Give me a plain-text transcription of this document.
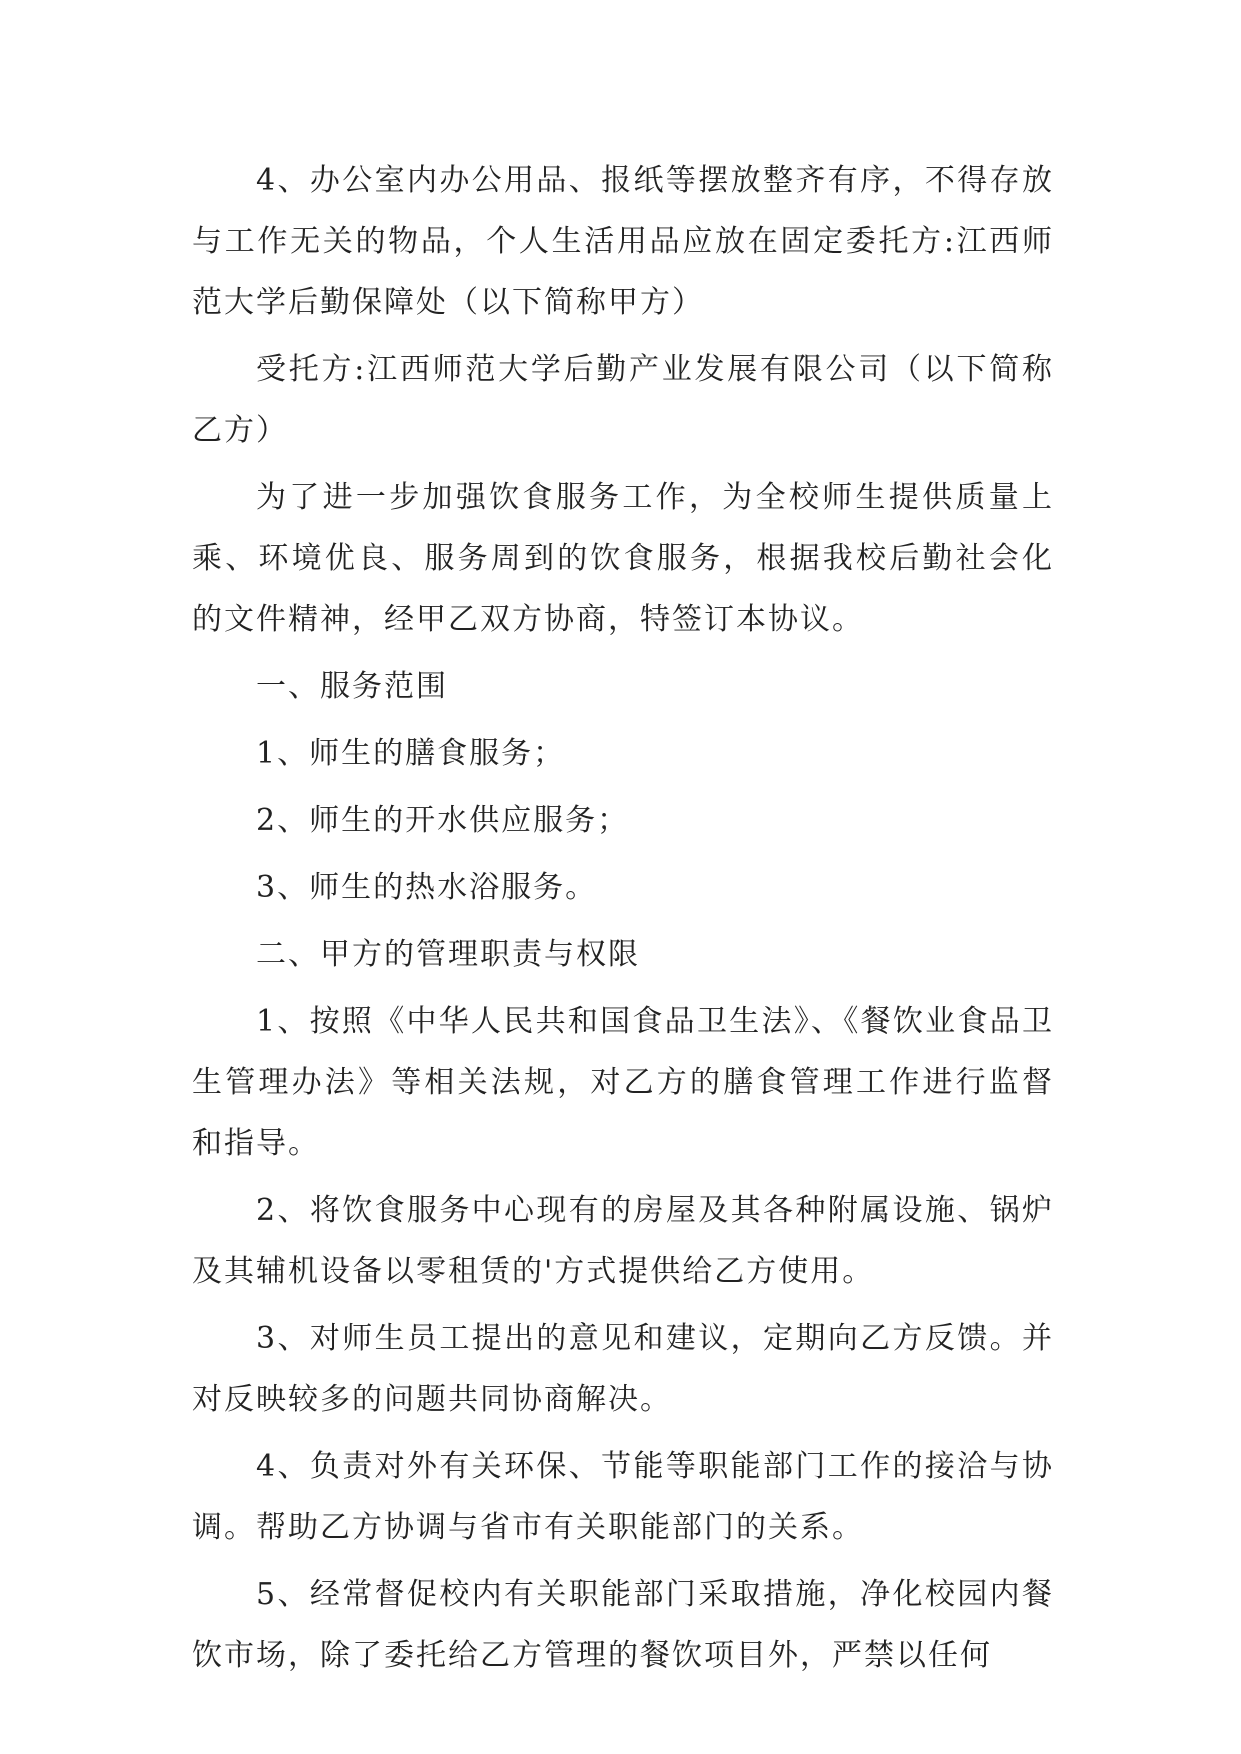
4、办公室内办公用品、报纸等摆放整齐有序，不得存放与工作无关的物品，个人生活用品应放在固定委托方:江西师范大学后勤保障处（以下简称甲方）

受托方:江西师范大学后勤产业发展有限公司（以下简称乙方）

为了进一步加强饮食服务工作，为全校师生提供质量上乘、环境优良、服务周到的饮食服务，根据我校后勤社会化的文件精神，经甲乙双方协商，特签订本协议。

一、服务范围

1、师生的膳食服务；

2、师生的开水供应服务；

3、师生的热水浴服务。

二、甲方的管理职责与权限

1、按照《中华人民共和国食品卫生法》、《餐饮业食品卫生管理办法》等相关法规，对乙方的膳食管理工作进行监督和指导。

2、将饮食服务中心现有的房屋及其各种附属设施、锅炉及其辅机设备以零租赁的'方式提供给乙方使用。

3、对师生员工提出的意见和建议，定期向乙方反馈。并对反映较多的问题共同协商解决。

4、负责对外有关环保、节能等职能部门工作的接洽与协调。帮助乙方协调与省市有关职能部门的关系。

5、经常督促校内有关职能部门采取措施，净化校园内餐饮市场，除了委托给乙方管理的餐饮项目外，严禁以任何
